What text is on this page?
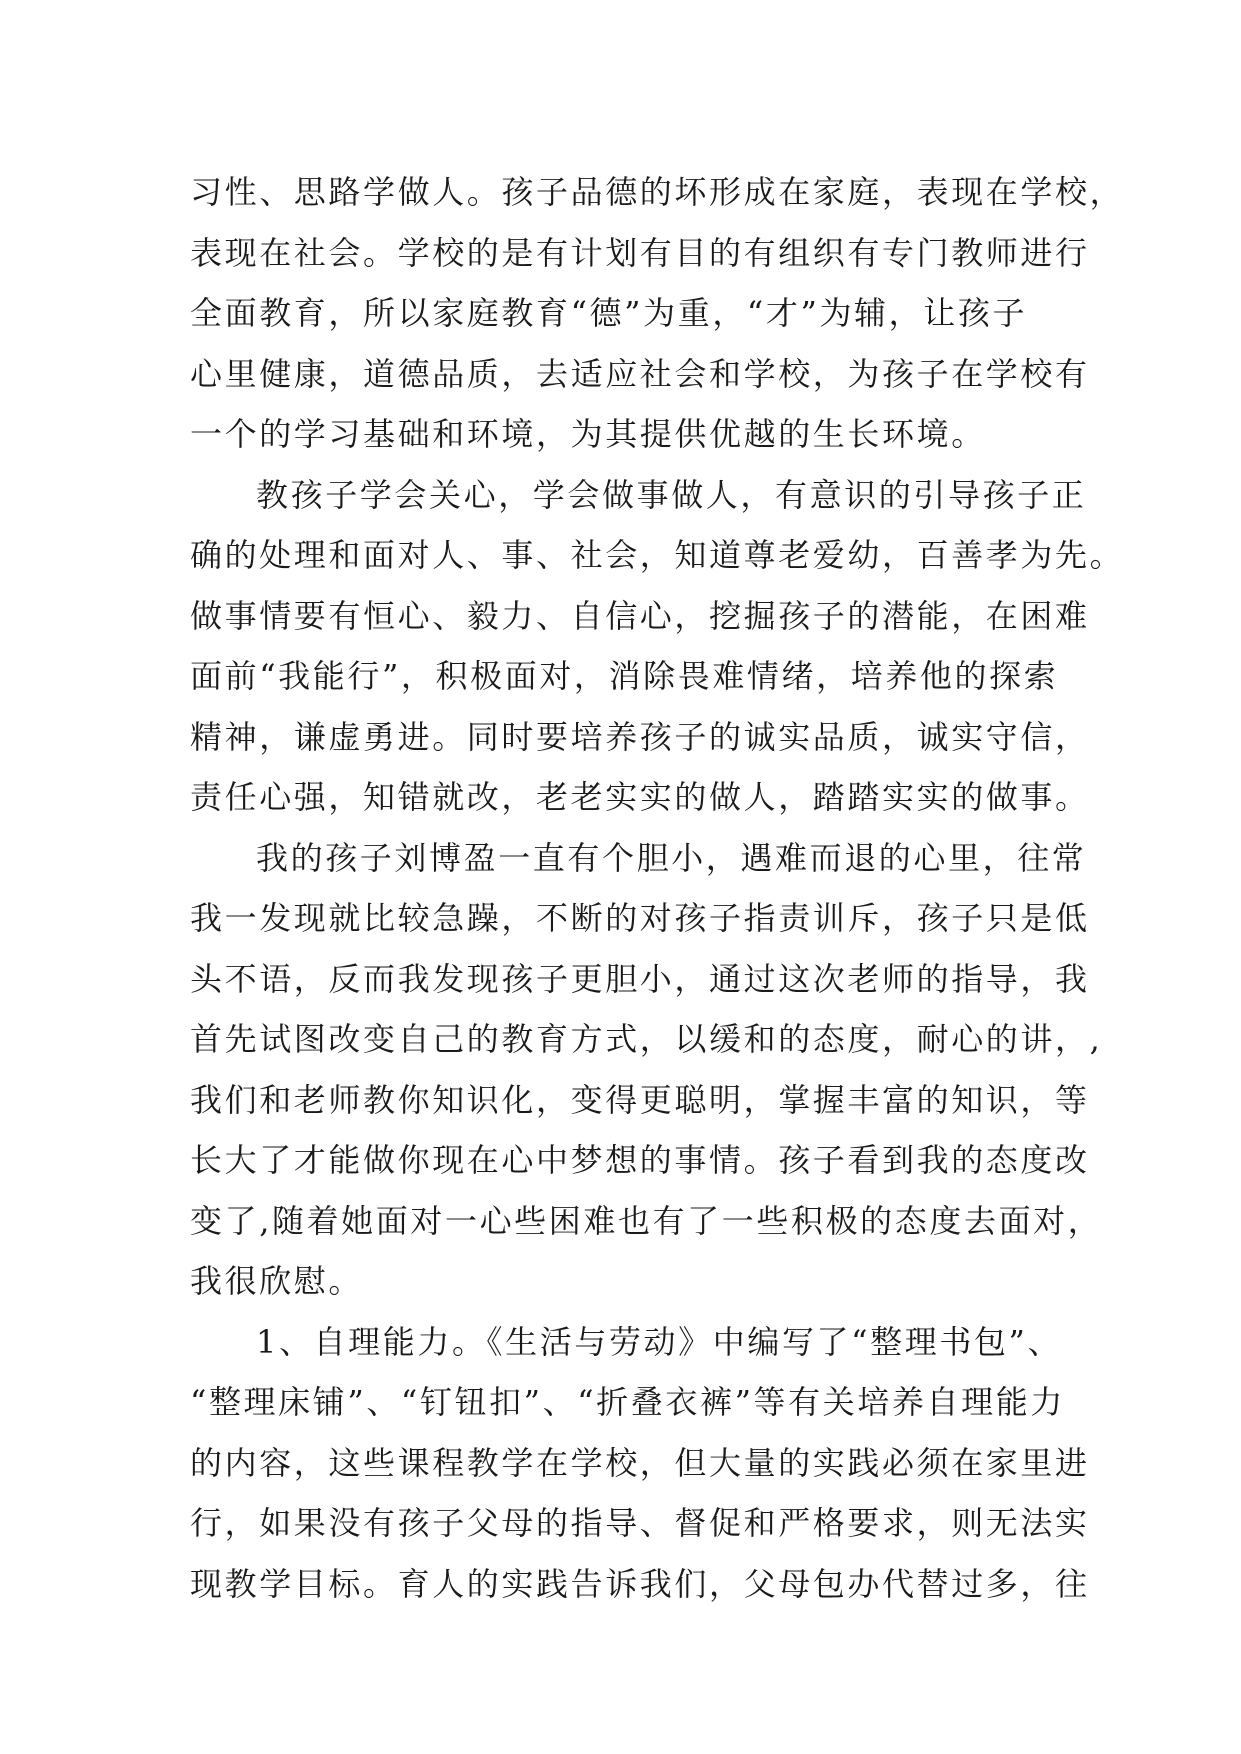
习性、思路学做人。孩子品德的坏形成在家庭，表现在学校，
表现在社会。学校的是有计划有目的有组织有专门教师进行
全面教育，所以家庭教育“德”为重，“才”为辅，让孩子
心里健康，道德品质，去适应社会和学校，为孩子在学校有
一个的学习基础和环境，为其提供优越的生长环境。
教孩子学会关心，学会做事做人，有意识的引导孩子正
确的处理和面对人、事、社会，知道尊老爱幼，百善孝为先。
做事情要有恒心、毅力、自信心，挖掘孩子的潜能，在困难
面前“我能行”，积极面对，消除畏难情绪，培养他的探索
精神，谦虚勇进。同时要培养孩子的诚实品质，诚实守信，
责任心强，知错就改，老老实实的做人，踏踏实实的做事。
我的孩子刘博盈一直有个胆小，遇难而退的心里，往常
我一发现就比较急躁，不断的对孩子指责训斥，孩子只是低
头不语，反而我发现孩子更胆小，通过这次老师的指导，我
首先试图改变自己的教育方式，以缓和的态度，耐心的讲，,
我们和老师教你知识化，变得更聪明，掌握丰富的知识，等
长大了才能做你现在心中梦想的事情。孩子看到我的态度改
变了,随着她面对一心些困难也有了一些积极的态度去面对，
我很欣慰。
1、自理能力。《生活与劳动》中编写了“整理书包”、
“整理床铺”、“钉钮扣”、“折叠衣裤”等有关培养自理能力
的内容，这些课程教学在学校，但大量的实践必须在家里进
行，如果没有孩子父母的指导、督促和严格要求，则无法实
现教学目标。育人的实践告诉我们，父母包办代替过多，往
